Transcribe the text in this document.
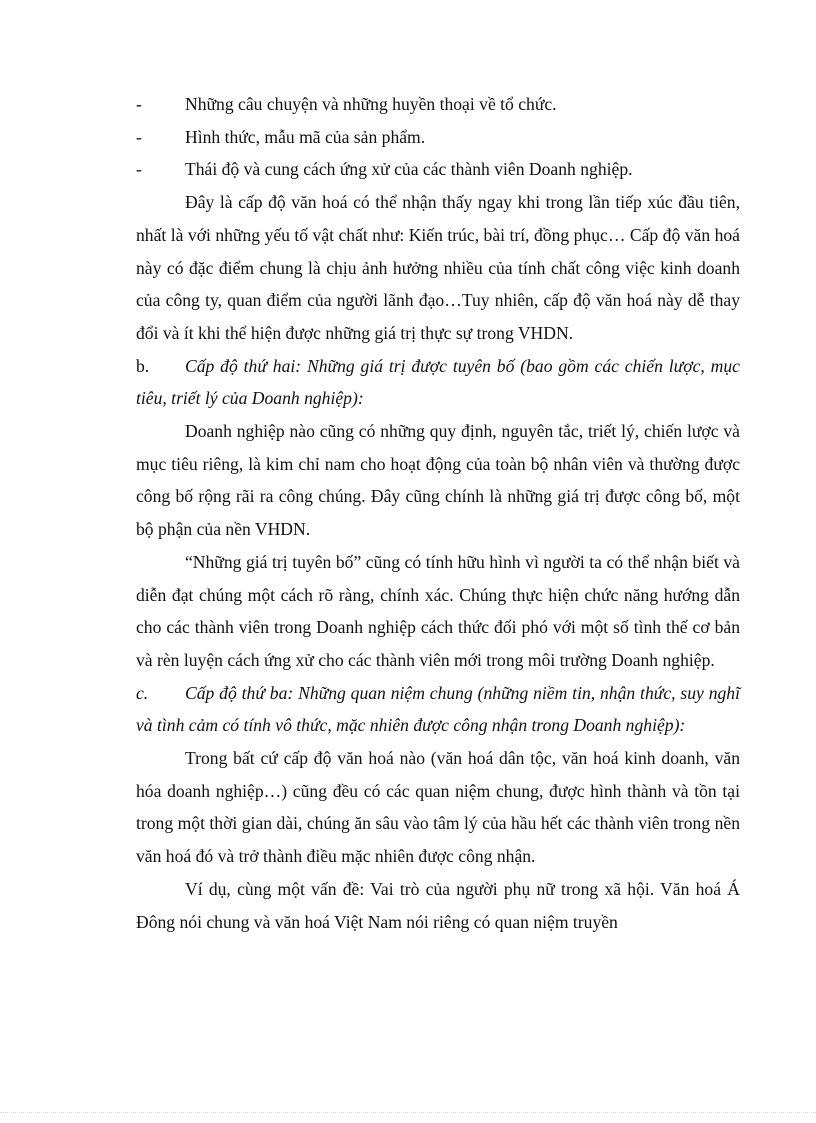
- Những câu chuyện và những huyền thoại về tổ chức.
- Hình thức, mẫu mã của sản phẩm.
- Thái độ và cung cách ứng xử của các thành viên Doanh nghiệp.

Đây là cấp độ văn hoá có thể nhận thấy ngay khi trong lần tiếp xúc đầu tiên, nhất là với những yếu tố vật chất như: Kiến trúc, bài trí, đồng phục… Cấp độ văn hoá này có đặc điểm chung là chịu ảnh hưởng nhiều của tính chất công việc kinh doanh của công ty, quan điểm của người lãnh đạo…Tuy nhiên, cấp độ văn hoá này dễ thay đổi và ít khi thể hiện được những giá trị thực sự trong VHDN.

b. Cấp độ thứ hai: Những giá trị được tuyên bố (bao gồm các chiến lược, mục tiêu, triết lý của Doanh nghiệp):

Doanh nghiệp nào cũng có những quy định, nguyên tắc, triết lý, chiến lược và mục tiêu riêng, là kim chỉ nam cho hoạt động của toàn bộ nhân viên và thường được công bố rộng rãi ra công chúng. Đây cũng chính là những giá trị được công bố, một bộ phận của nền VHDN.

“Những giá trị tuyên bố” cũng có tính hữu hình vì người ta có thể nhận biết và diễn đạt chúng một cách rõ ràng, chính xác. Chúng thực hiện chức năng hướng dẫn cho các thành viên trong Doanh nghiệp cách thức đối phó với một số tình thế cơ bản và rèn luyện cách ứng xử cho các thành viên mới trong môi trường Doanh nghiệp.

c. Cấp độ thứ ba: Những quan niệm chung (những niềm tin, nhận thức, suy nghĩ và tình cảm có tính vô thức, mặc nhiên được công nhận trong Doanh nghiệp):

Trong bất cứ cấp độ văn hoá nào (văn hoá dân tộc, văn hoá kinh doanh, văn hóa doanh nghiệp…) cũng đều có các quan niệm chung, được hình thành và tồn tại trong một thời gian dài, chúng ăn sâu vào tâm lý của hầu hết các thành viên trong nền văn hoá đó và trở thành điều mặc nhiên được công nhận.

Ví dụ, cùng một vấn đề: Vai trò của người phụ nữ trong xã hội. Văn hoá Á Đông nói chung và văn hoá Việt Nam nói riêng có quan niệm truyền
